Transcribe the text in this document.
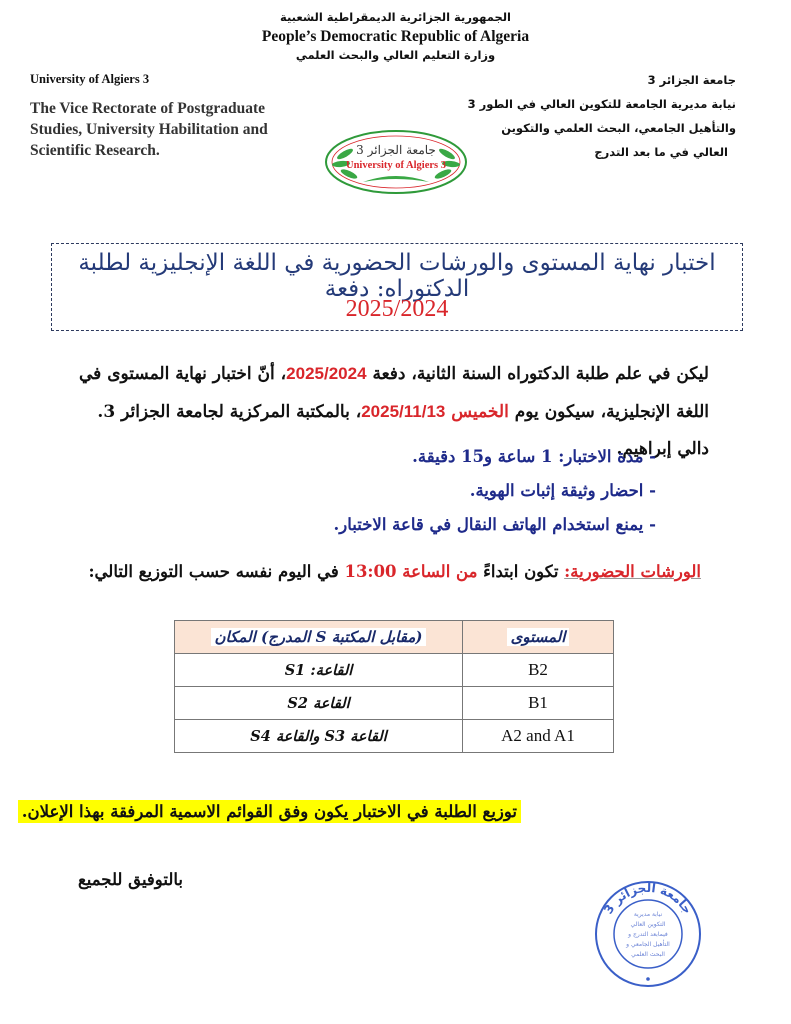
الجمهورية الجزائرية الديمقراطية الشعبية
People’s Democratic Republic of Algeria
وزارة التعليم العالي والبحث العلمي
University of Algiers 3
The Vice Rectorate of Postgraduate Studies, University Habilitation and Scientific Research.
جامعة الجزائر 3
نيابة مديرية الجامعة للتكوين العالي في الطور 3
والتأهيل الجامعي، البحث العلمي والتكوين
العالي في ما بعد التدرج
جامعة الجزائر 3
University of Algiers 3
اختبار نهاية المستوى والورشات الحضورية في اللغة الإنجليزية لطلبة الدكتوراه: دفعة
2025/2024
ليكن في علم طلبة الدكتوراه السنة الثانية، دفعة 2025/2024، أنّ اختبار نهاية المستوى في اللغة الإنجليزية، سيكون يوم الخميس 2025/11/13، بالمكتبة المركزية لجامعة الجزائر 3. دالي إبراهيم.
- مدة الاختبار: 1 ساعة و15 دقيقة.
- احضار وثيقة إثبات الهوية.
- يمنع استخدام الهاتف النقال في قاعة الاختبار.
الورشات الحضورية: تكون ابتداءً من الساعة 13:00 في اليوم نفسه حسب التوزيع التالي:
المكان (المدرج S مقابل المكتبة)	المستوى
القاعة: S1	B2
القاعة S2	B1
القاعة S3 والقاعة S4	A2 and A1
توزيع الطلبة في الاختبار يكون وفق القوائم الاسمية المرفقة بهذا الإعلان.
بالتوفيق للجميع
جامعة الجزائر 3
نيابة مديرية
التكوين العالي
فيمابعد التدرج و
التأهيل الجامعي و
البحث العلمي
